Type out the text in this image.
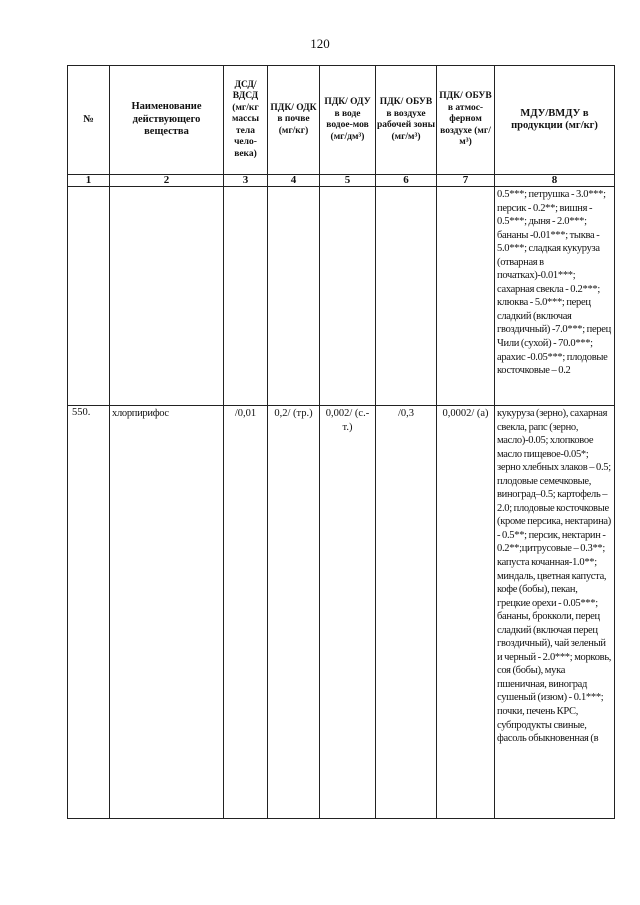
120
№	Наименование действующего вещества	ДСД/ ВДСД (мг/кг массы тела чело-века)	ПДК/ ОДК в почве (мг/кг)	ПДК/ ОДУ в воде водое-мов (мг/дм³)	ПДК/ ОБУВ в воздухе рабочей зоны (мг/м³)	ПДК/ ОБУВ в атмос-ферном воздухе (мг/м³)	МДУ/ВМДУ в продукции (мг/кг)
1	2	3	4	5	6	7	8
							0.5***; петрушка - 3.0***; персик - 0.2**; вишня - 0.5***; дыня - 2.0***; бананы -0.01***; тыква - 5.0***; сладкая кукуруза (отварная в початках)-0.01***; сахарная свекла - 0.2***; клюква - 5.0***; перец сладкий (включая гвоздичный) -7.0***; перец Чили (сухой) - 70.0***; арахис -0.05***; плодовые косточковые – 0.2
550.	хлорпирифос	/0,01	0,2/ (тр.)	0,002/ (с.-т.)	/0,3	0,0002/ (а)	кукуруза (зерно), сахарная свекла, рапс (зерно, масло)-0.05; хлопковое масло пищевое-0.05*; зерно хлебных злаков – 0.5; плодовые семечковые, виноград–0.5; картофель – 2.0; плодовые косточковые (кроме персика, нектарина) - 0.5**; персик, нектарин - 0.2**;цитрусовые – 0.3**; капуста кочанная-1.0**; миндаль, цветная капуста, кофе (бобы), пекан, грецкие орехи - 0.05***; бананы, брокколи, перец сладкий (включая перец гвоздичный), чай зеленый и черный - 2.0***; морковь, соя (бобы), мука пшеничная, виноград сушеный (изюм) - 0.1***; почки, печень КРС, субпродукты свиные, фасоль обыкновенная (в
